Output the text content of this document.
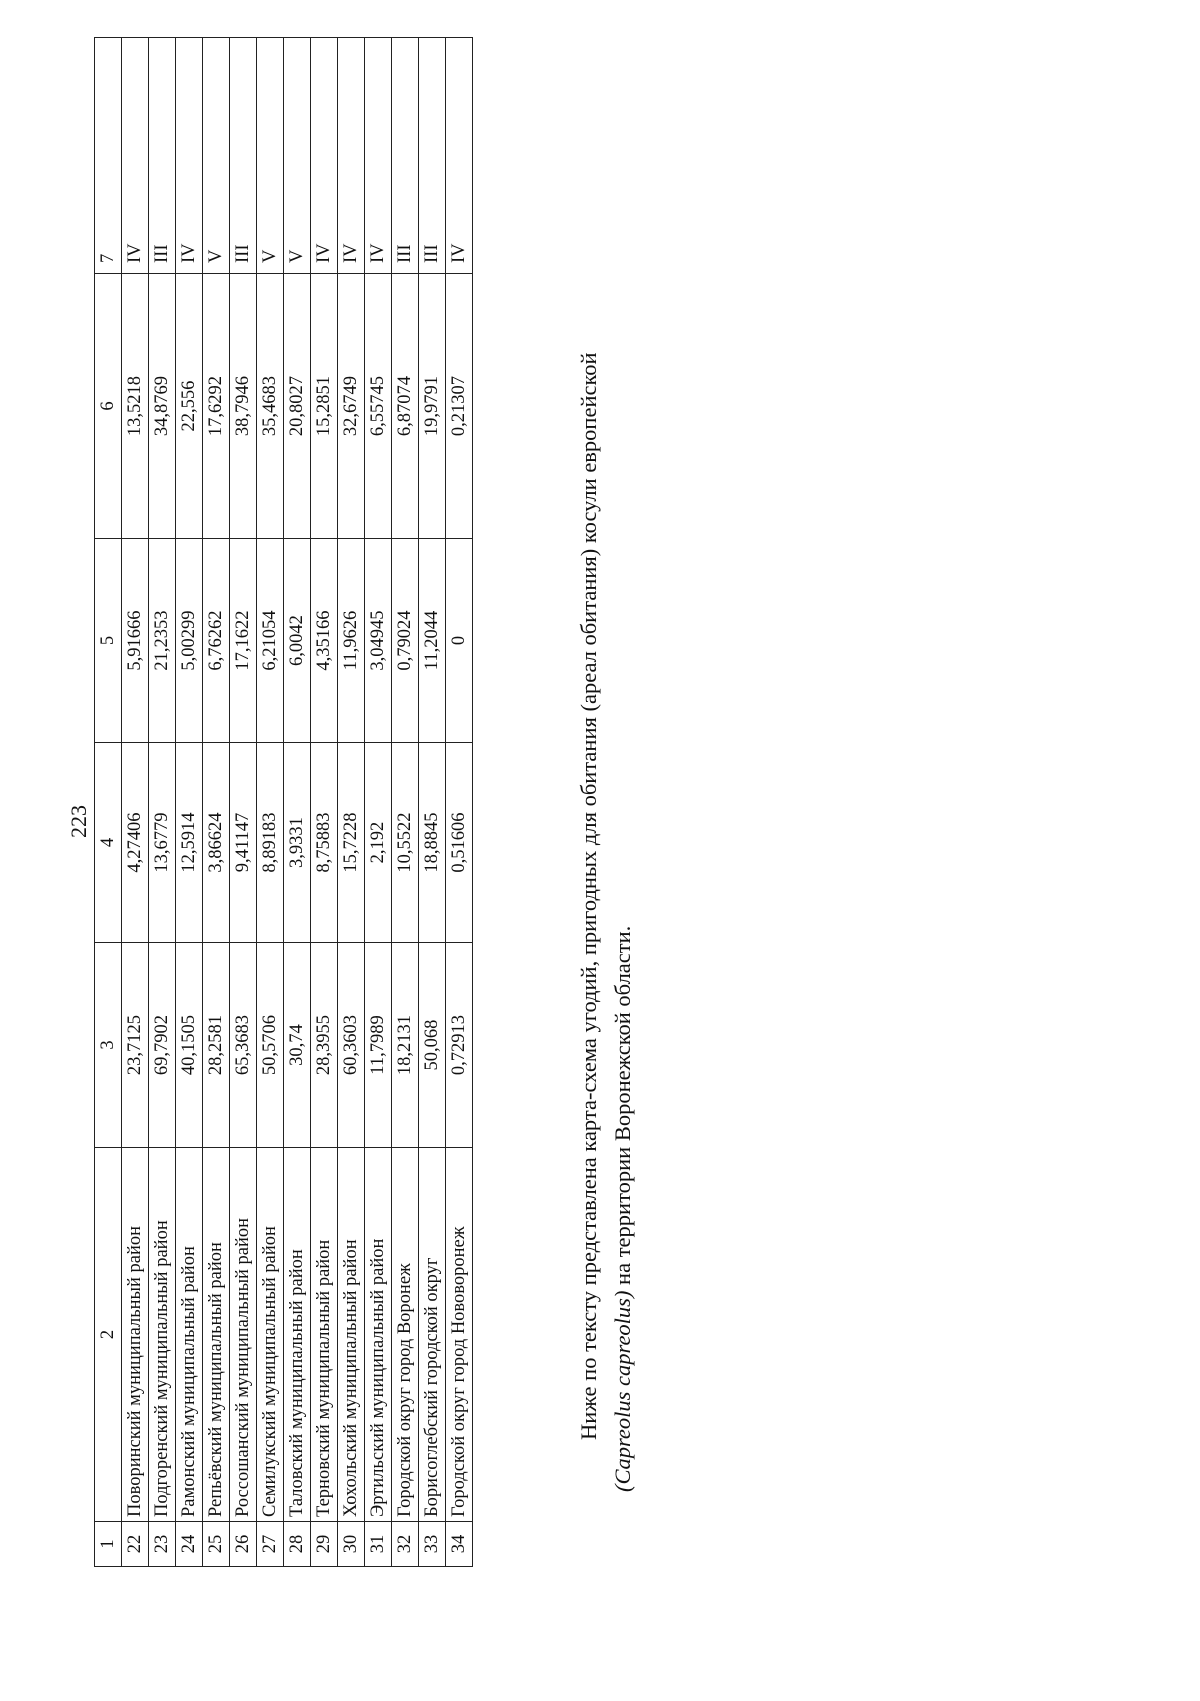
223
1	2	3	4	5	6	7
22	Поворинский муниципальный район	23,7125	4,27406	5,91666	13,5218	IV
23	Подгоренский муниципальный район	69,7902	13,6779	21,2353	34,8769	III
24	Рамонский муниципальный район	40,1505	12,5914	5,00299	22,556	IV
25	Репьёвский муниципальный район	28,2581	3,86624	6,76262	17,6292	V
26	Россошанский муниципальный район	65,3683	9,41147	17,1622	38,7946	III
27	Семилукский муниципальный район	50,5706	8,89183	6,21054	35,4683	V
28	Таловский муниципальный район	30,74	3,9331	6,0042	20,8027	V
29	Терновский муниципальный район	28,3955	8,75883	4,35166	15,2851	IV
30	Хохольский муниципальный район	60,3603	15,7228	11,9626	32,6749	IV
31	Эртильский муниципальный район	11,7989	2,192	3,04945	6,55745	IV
32	Городской округ город Воронеж	18,2131	10,5522	0,79024	6,87074	III
33	Борисоглебский городской округ	50,068	18,8845	11,2044	19,9791	III
34	Городской округ город Нововоронеж	0,72913	0,51606	0	0,21307	IV

Ниже по тексту представлена карта-схема угодий, пригодных для обитания (ареал обитания) косули европейской (Capreolus capreolus) на территории Воронежской области.
